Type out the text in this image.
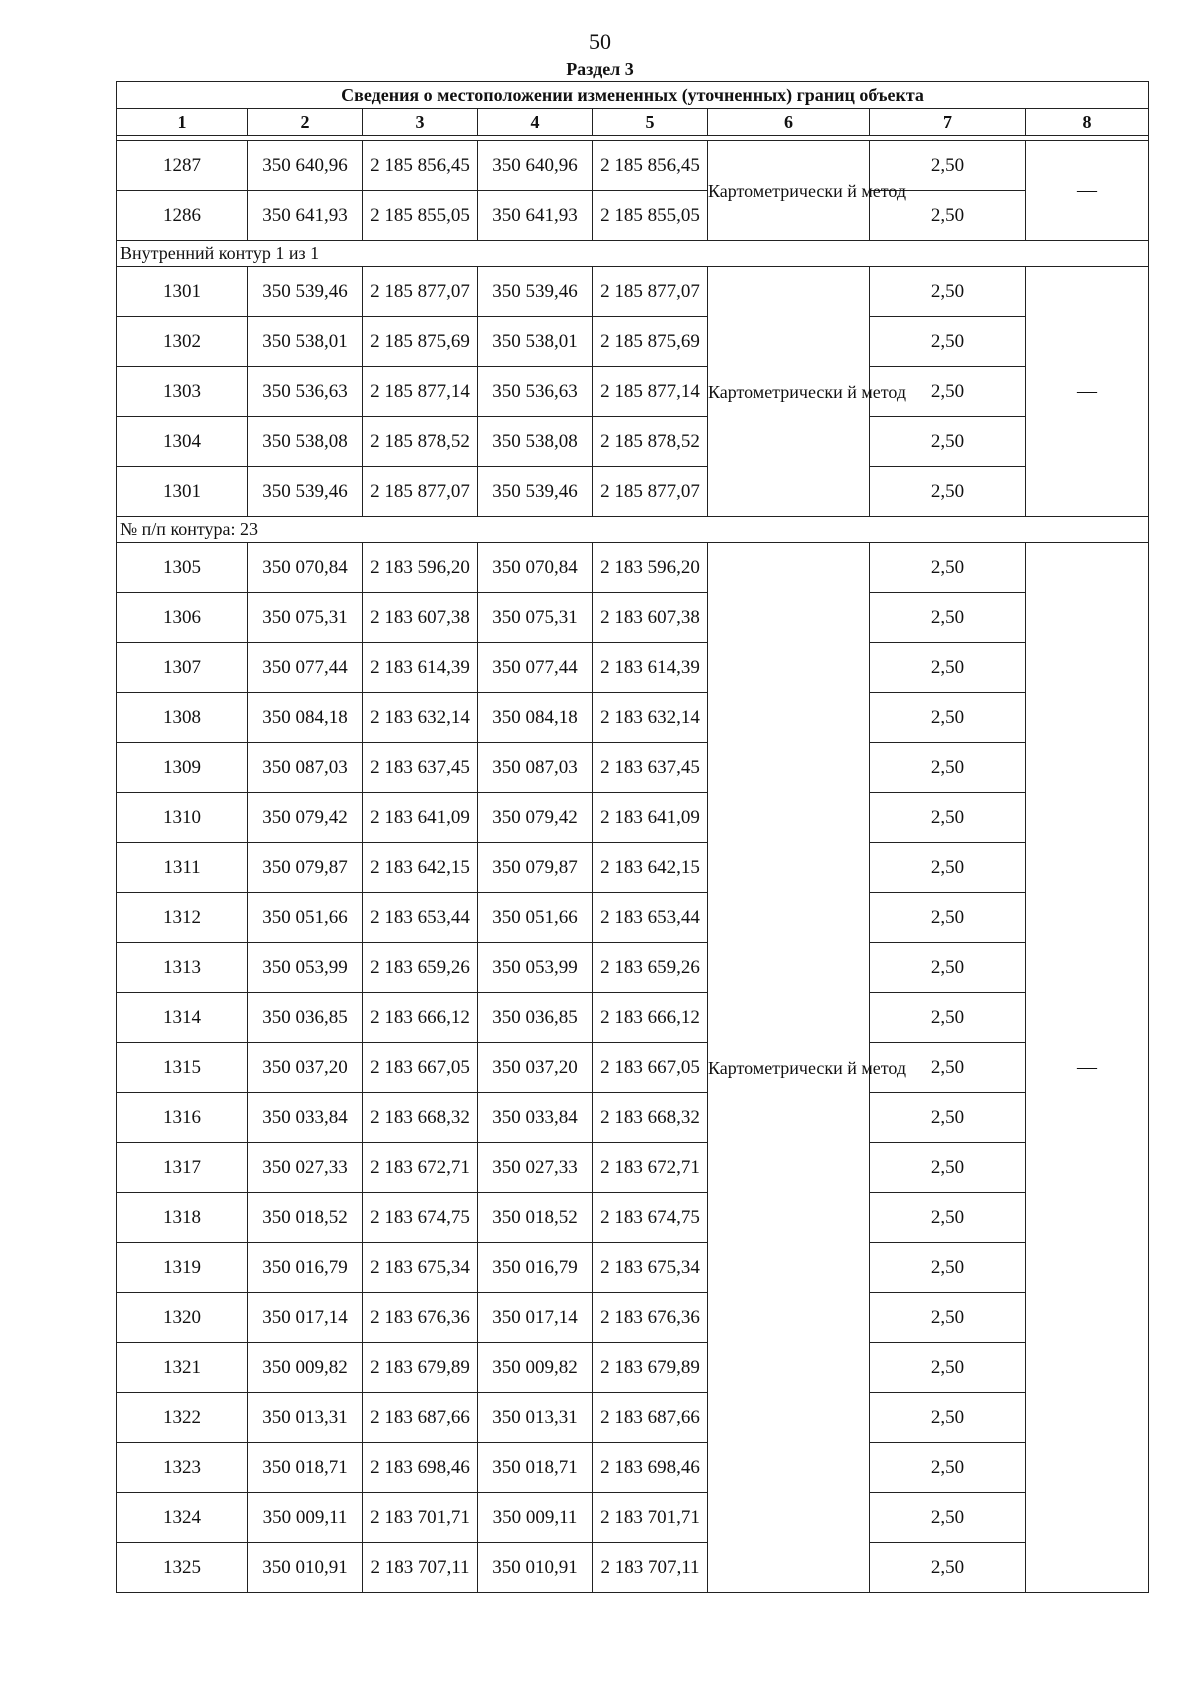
50
Раздел 3
Сведения о местоположении измененных (уточненных) границ объекта							
1	2	3	4	5	6	7	8

1287	350 640,96	2 185 856,45	350 640,96	2 185 856,45	Картометрически й метод	2,50	—
1286	350 641,93	2 185 855,05	350 641,93	2 185 855,05		2,50	
Внутренний контур 1 из 1							
1301	350 539,46	2 185 877,07	350 539,46	2 185 877,07	Картометрически й метод	2,50	—
1302	350 538,01	2 185 875,69	350 538,01	2 185 875,69		2,50	
1303	350 536,63	2 185 877,14	350 536,63	2 185 877,14		2,50	
1304	350 538,08	2 185 878,52	350 538,08	2 185 878,52		2,50	
1301	350 539,46	2 185 877,07	350 539,46	2 185 877,07		2,50	
№ п/п контура: 23							
1305	350 070,84	2 183 596,20	350 070,84	2 183 596,20	Картометрически й метод	2,50	—
1306	350 075,31	2 183 607,38	350 075,31	2 183 607,38		2,50	
1307	350 077,44	2 183 614,39	350 077,44	2 183 614,39		2,50	
1308	350 084,18	2 183 632,14	350 084,18	2 183 632,14		2,50	
1309	350 087,03	2 183 637,45	350 087,03	2 183 637,45		2,50	
1310	350 079,42	2 183 641,09	350 079,42	2 183 641,09		2,50	
1311	350 079,87	2 183 642,15	350 079,87	2 183 642,15		2,50	
1312	350 051,66	2 183 653,44	350 051,66	2 183 653,44		2,50	
1313	350 053,99	2 183 659,26	350 053,99	2 183 659,26		2,50	
1314	350 036,85	2 183 666,12	350 036,85	2 183 666,12		2,50	
1315	350 037,20	2 183 667,05	350 037,20	2 183 667,05		2,50	
1316	350 033,84	2 183 668,32	350 033,84	2 183 668,32		2,50	
1317	350 027,33	2 183 672,71	350 027,33	2 183 672,71		2,50	
1318	350 018,52	2 183 674,75	350 018,52	2 183 674,75		2,50	
1319	350 016,79	2 183 675,34	350 016,79	2 183 675,34		2,50	
1320	350 017,14	2 183 676,36	350 017,14	2 183 676,36		2,50	
1321	350 009,82	2 183 679,89	350 009,82	2 183 679,89		2,50	
1322	350 013,31	2 183 687,66	350 013,31	2 183 687,66		2,50	
1323	350 018,71	2 183 698,46	350 018,71	2 183 698,46		2,50	
1324	350 009,11	2 183 701,71	350 009,11	2 183 701,71		2,50	
1325	350 010,91	2 183 707,11	350 010,91	2 183 707,11		2,50	
